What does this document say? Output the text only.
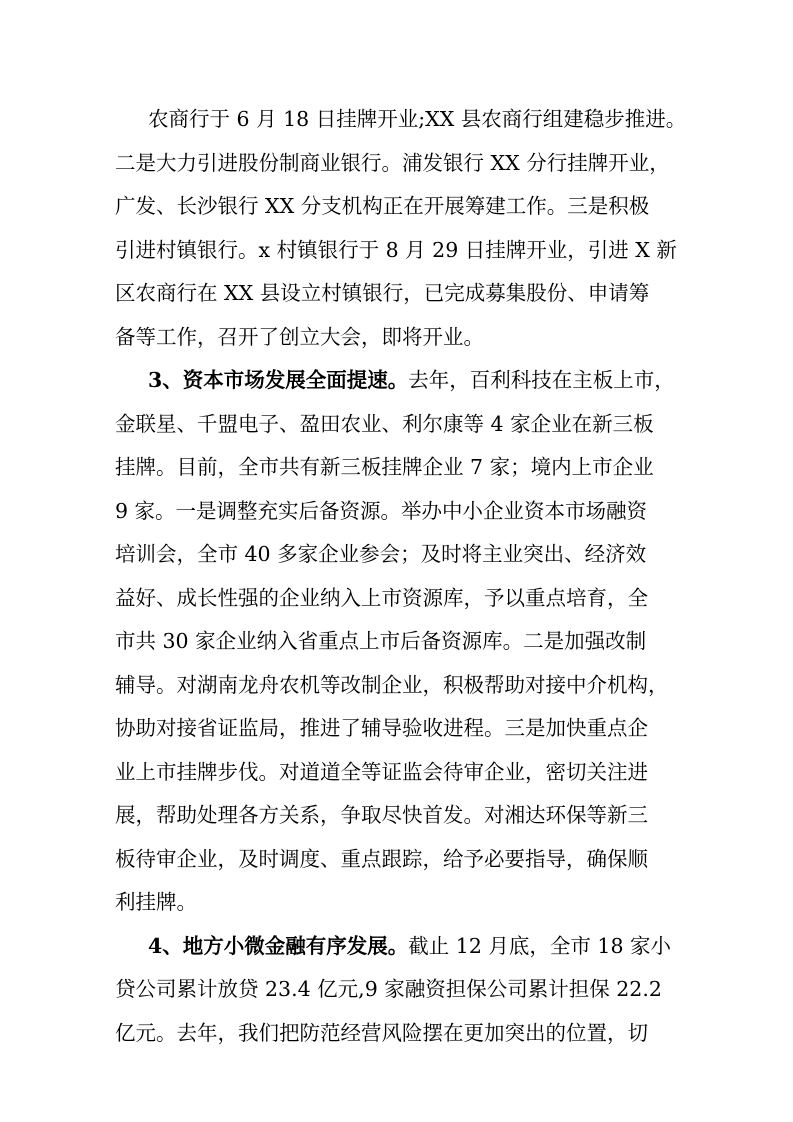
农商行于 6 月 18 日挂牌开业;XX 县农商行组建稳步推进。
二是大力引进股份制商业银行。浦发银行 XX 分行挂牌开业，
广发、长沙银行 XX 分支机构正在开展筹建工作。三是积极
引进村镇银行。x 村镇银行于 8 月 29 日挂牌开业，引进 X 新
区农商行在 XX 县设立村镇银行，已完成募集股份、申请筹
备等工作，召开了创立大会，即将开业。
3、资本市场发展全面提速。去年，百利科技在主板上市，
金联星、千盟电子、盈田农业、利尔康等 4 家企业在新三板
挂牌。目前，全市共有新三板挂牌企业 7 家；境内上市企业
9 家。一是调整充实后备资源。举办中小企业资本市场融资
培训会，全市 40 多家企业参会；及时将主业突出、经济效
益好、成长性强的企业纳入上市资源库，予以重点培育，全
市共 30 家企业纳入省重点上市后备资源库。二是加强改制
辅导。对湖南龙舟农机等改制企业，积极帮助对接中介机构，
协助对接省证监局，推进了辅导验收进程。三是加快重点企
业上市挂牌步伐。对道道全等证监会待审企业，密切关注进
展，帮助处理各方关系，争取尽快首发。对湘达环保等新三
板待审企业，及时调度、重点跟踪，给予必要指导，确保顺
利挂牌。
4、地方小微金融有序发展。截止 12 月底，全市 18 家小
贷公司累计放贷 23.4 亿元,9 家融资担保公司累计担保 22.2
亿元。去年，我们把防范经营风险摆在更加突出的位置，切
